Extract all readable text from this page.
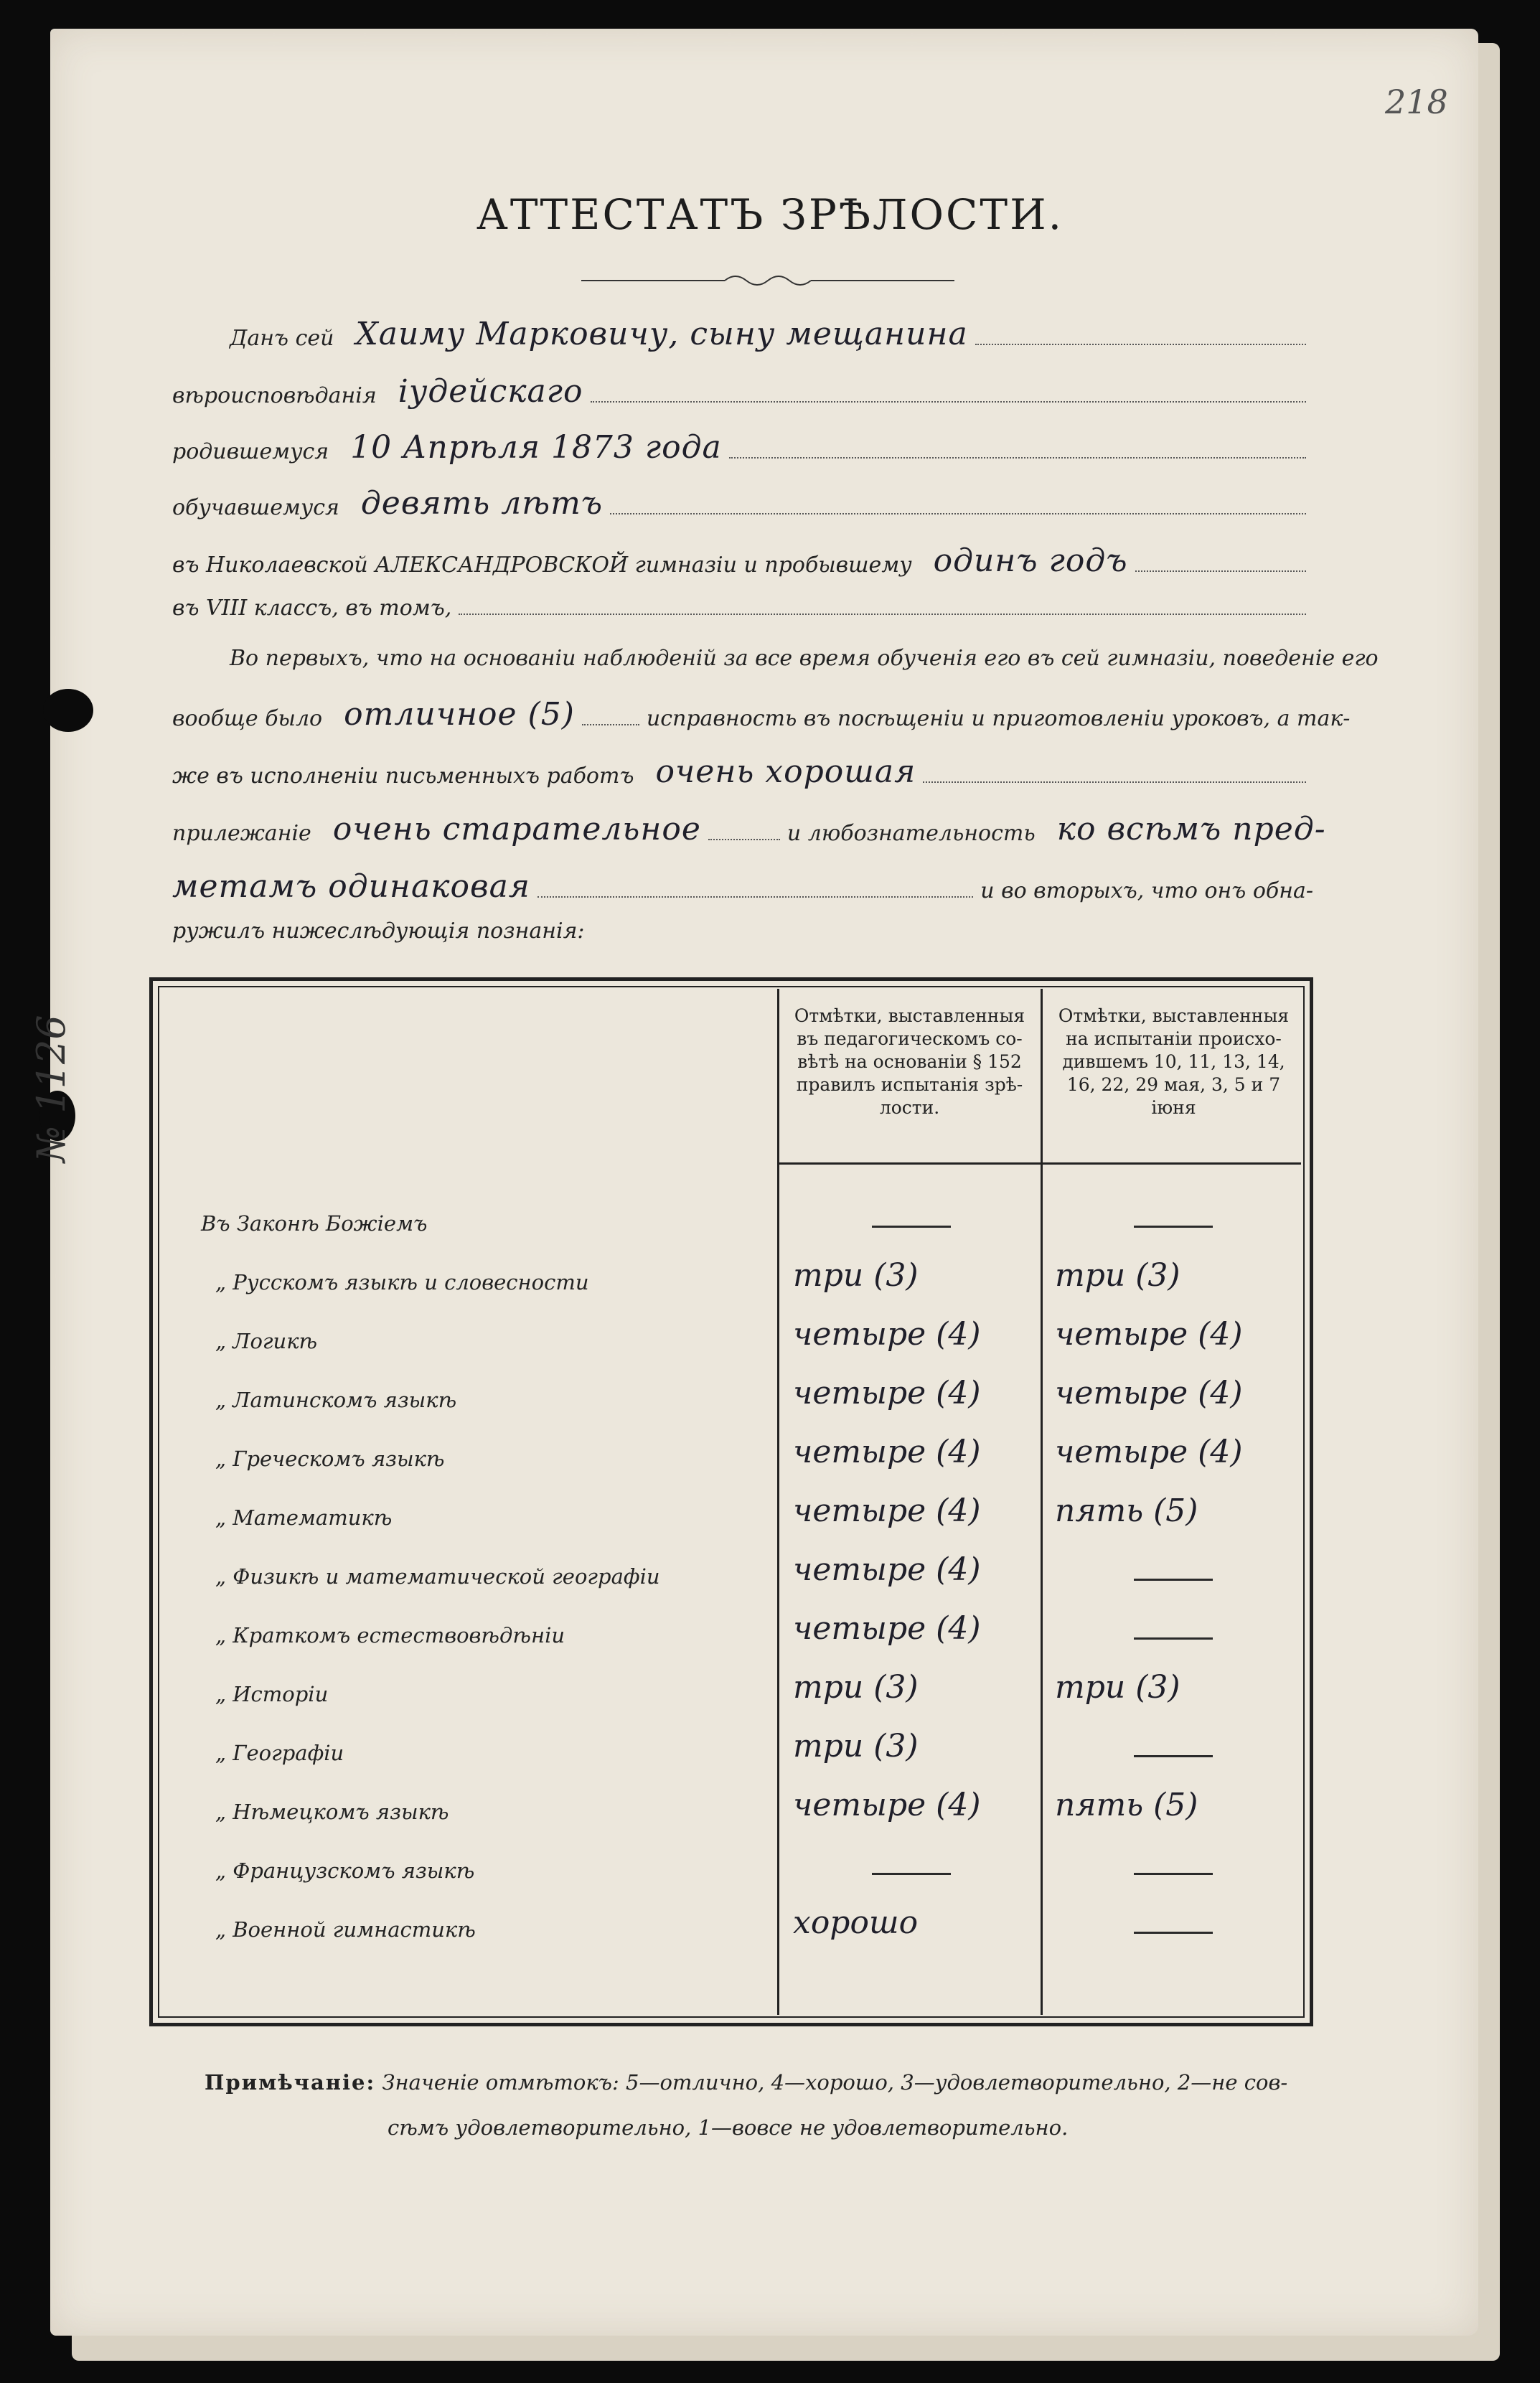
218
АТТЕСТАТЪ ЗРѢЛОСТИ.
Данъ сей Хаиму Марковичу, сыну мещанина
вѣроисповѣданія iудейскаго
родившемуся 10 Апрѣля 1873 года
обучавшемуся девять лѣтъ
въ Николаевской АЛЕКСАНДРОВСКОЙ гимназіи и пробывшему одинъ годъ
въ VIII классъ, въ томъ,
Во первыхъ, что на основаніи наблюденій за все время обученія его въ сей гимназіи, поведеніе его
вообще было отличное (5)	исправность въ посѣщеніи и приготовленіи уроковъ, а так-
же въ исполненіи письменныхъ работъ очень хорошая
прилежаніе очень старательное	и любознательность ко всѣмъ пред-
метамъ одинаковая	и во вторыхъ, что онъ обна-
ружилъ нижеслѣдующія познанія:
№ 1126	Отмѣтки, выставленныя въ педагогическомъ со-вѣтѣ на основаніи § 152 правилъ испытанія зрѣ-лости.
Отмѣтки, выставленныя на испытаніи происхо-дившемъ 10, 11, 13, 14, 16, 22, 29 мая, 3, 5 и 7 іюня
Въ Законѣ Божіемъ
„ Русскомъ языкѣ и словесности	три (3)	три (3)
„ Логикѣ	четыре (4) четыре (4)
„ Латинскомъ языкѣ	четыре (4) четыре (4)
„ Греческомъ языкѣ	четыре (4) четыре (4)
„ Математикѣ	четыре (4) пять (5)
„ Физикѣ и математической географіи	четыре (4)
„ Краткомъ естествовѣдѣніи	четыре (4)
„ Исторіи	три (3)	три (3)
„ Географіи	три (3)
„ Нѣмецкомъ языкѣ	четыре (4) пять (5)
„ Французскомъ языкѣ
„ Военной гимнастикѣ	хорошо
Примѣчаніе: Значеніе отмѣтокъ: 5—отлично, 4—хорошо, 3—удовлетворительно, 2—не сов-
сѣмъ удовлетворительно, 1—вовсе не удовлетворительно.
